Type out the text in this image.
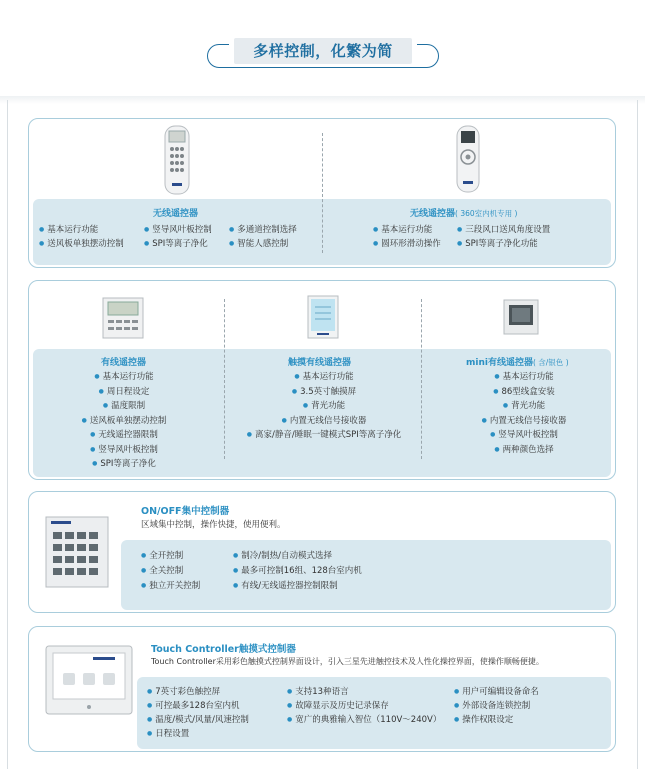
多样控制，化繁为简
无线遥控器
● 基本运行功能
● 送风板单独摆动控制
● 竖导风叶板控制
● SPI等离子净化
● 多通道控制选择
● 智能人感控制
无线遥控器( 360室内机专用 )
● 基本运行功能
● 圆环形滑动操作
● 三段风口送风角度设置
● SPI等离子净化功能
有线遥控器
● 基本运行功能
● 周日程设定
● 温度限制
● 送风板单独摆动控制
● 无线遥控器限制
● 竖导风叶板控制
● SPI等离子净化
触摸有线遥控器
● 基本运行功能
● 3.5英寸触摸屏
● 背光功能
● 内置无线信号接收器
● 离家/静音/睡眠一键模式SPI等离子净化
mini有线遥控器( 含/银色 )
● 基本运行功能
● 86型线盒安装
● 背光功能
● 内置无线信号接收器
● 竖导风叶板控制
● 两种颜色选择
ON/OFF集中控制器
区域集中控制，操作快捷，使用便利。
● 全开控制
● 全关控制
● 独立开关控制
● 制冷/制热/自动模式选择
● 最多可控制16组、128台室内机
● 有线/无线遥控器控制限制
Touch Controller触摸式控制器
Touch Controller采用彩色触摸式控制界面设计，引入三星先进触控技术及人性化操控界面，使操作顺畅便捷。
● 7英寸彩色触控屏
● 可控最多128台室内机
● 温度/模式/风量/风速控制
● 日程设置
● 支持13种语言
● 故障显示及历史记录保存
● 宽广的典雅输入智位（110V～240V）
● 用户可编辑设备命名
● 外部设备连锁控制
● 操作权限设定
